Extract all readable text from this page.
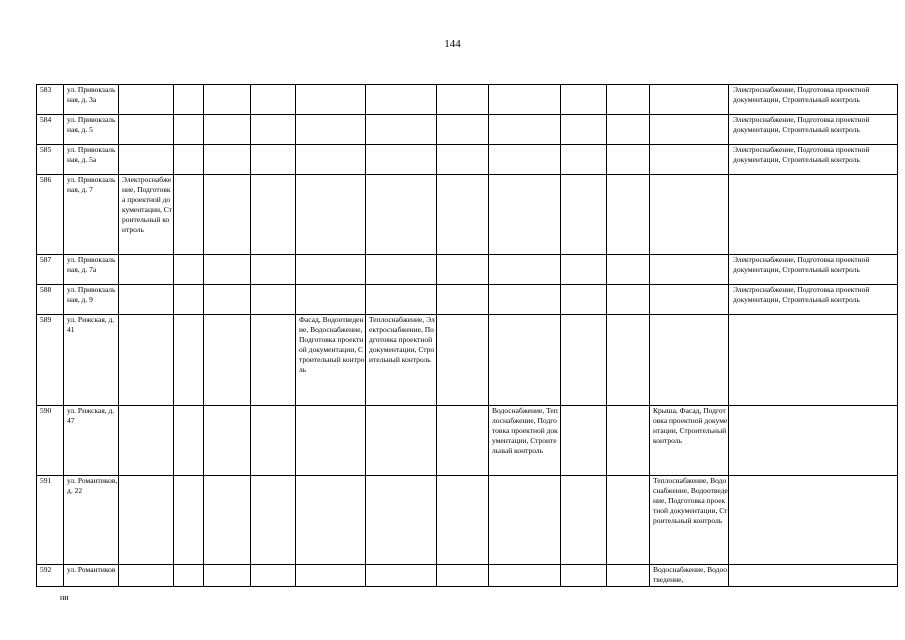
144
583	ул. Привокзальная, д. 3а												Электроснабжение, Подготовка проектной документации, Строительный контроль
584	ул. Привокзальная, д. 5												Электроснабжение, Подготовка проектной документации, Строительный контроль
585	ул. Привокзальная, д. 5а												Электроснабжение, Подготовка проектной документации, Строительный контроль
586	ул. Привокзальная, д. 7	Электроснабжение, Подготовка проектной документации, Строительный контроль											
587	ул. Привокзальная, д. 7а												Электроснабжение, Подготовка проектной документации, Строительный контроль
588	ул. Привокзальная, д. 9												Электроснабжение, Подготовка проектной документации, Строительный контроль
589	ул. Рижская, д. 41					Фасад, Водоотведение, Водоснабжение, Подготовка проектной документации, Строительный контроль	Теплоснабжение, Электроснабжение, Подготовка проектной документации, Строительный контроль						
590	ул. Рижская, д. 47								Водоснабжение, Теплоснабжение, Подготовка проектной документации, Строительный контроль			Крыша, Фасад, Подготовка проектной документации, Строительный контроль	
591	ул. Романтиков, д. 22											Теплоснабжение, Водоснабжение, Водоотведение, Подготовка проектной документации, Строительный контроль	
592	ул. Романтиков											Водоснабжение, Водоотведение,	
ни
